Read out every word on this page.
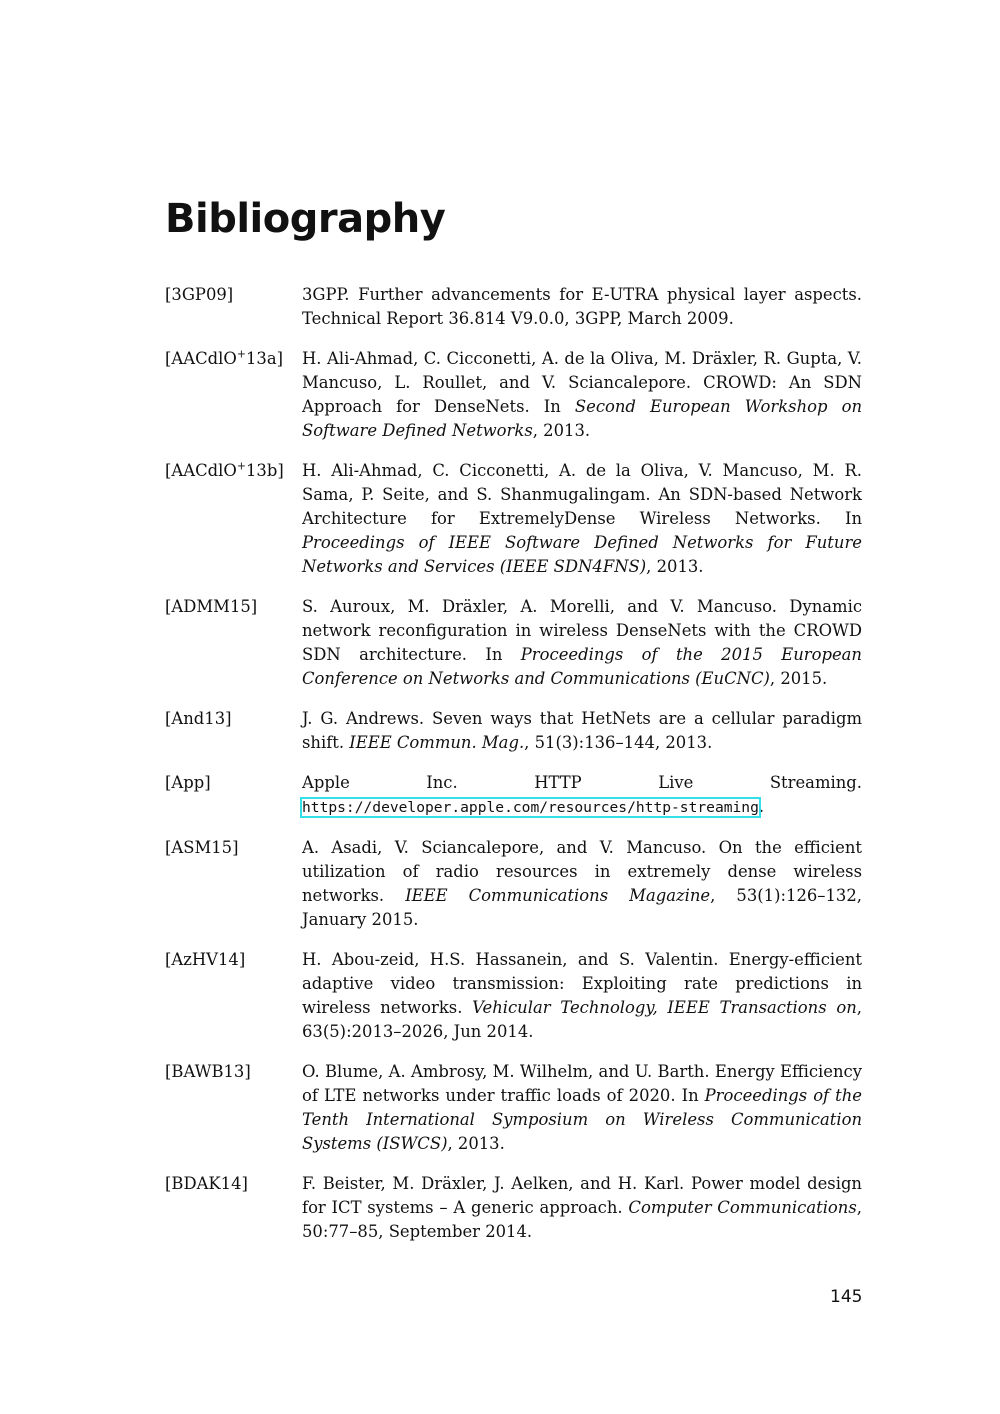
Bibliography
[3GP09]	3GPP. Further advancements for E-UTRA physical layer aspects. Technical Report 36.814 V9.0.0, 3GPP, March 2009.
[AACdlO+13a]	H. Ali-Ahmad, C. Cicconetti, A. de la Oliva, M. Dräxler, R. Gupta, V. Mancuso, L. Roullet, and V. Sciancalepore. CROWD: An SDN Approach for DenseNets. In Second European Workshop on Software Defined Networks, 2013.
[AACdlO+13b]	H. Ali-Ahmad, C. Cicconetti, A. de la Oliva, V. Mancuso, M. R. Sama, P. Seite, and S. Shanmugalingam. An SDN-based Network Architecture for ExtremelyDense Wireless Networks. In Proceedings of IEEE Software Defined Networks for Future Networks and Services (IEEE SDN4FNS), 2013.
[ADMM15]	S. Auroux, M. Dräxler, A. Morelli, and V. Mancuso. Dynamic network reconfiguration in wireless DenseNets with the CROWD SDN architecture. In Proceedings of the 2015 European Conference on Networks and Communications (EuCNC), 2015.
[And13]	J. G. Andrews. Seven ways that HetNets are a cellular paradigm shift. IEEE Commun. Mag., 51(3):136–144, 2013.
[App]	Apple Inc. HTTP Live Streaming. https://developer.apple.com/resources/http-streaming.
[ASM15]	A. Asadi, V. Sciancalepore, and V. Mancuso. On the efficient utilization of radio resources in extremely dense wireless networks. IEEE Communications Magazine, 53(1):126–132, January 2015.
[AzHV14]	H. Abou-zeid, H.S. Hassanein, and S. Valentin. Energy-efficient adaptive video transmission: Exploiting rate predictions in wireless networks. Vehicular Technology, IEEE Transactions on, 63(5):2013–2026, Jun 2014.
[BAWB13]	O. Blume, A. Ambrosy, M. Wilhelm, and U. Barth. Energy Efficiency of LTE networks under traffic loads of 2020. In Proceedings of the Tenth International Symposium on Wireless Communication Systems (ISWCS), 2013.
[BDAK14]	F. Beister, M. Dräxler, J. Aelken, and H. Karl. Power model design for ICT systems – A generic approach. Computer Communications, 50:77–85, September 2014.
145
